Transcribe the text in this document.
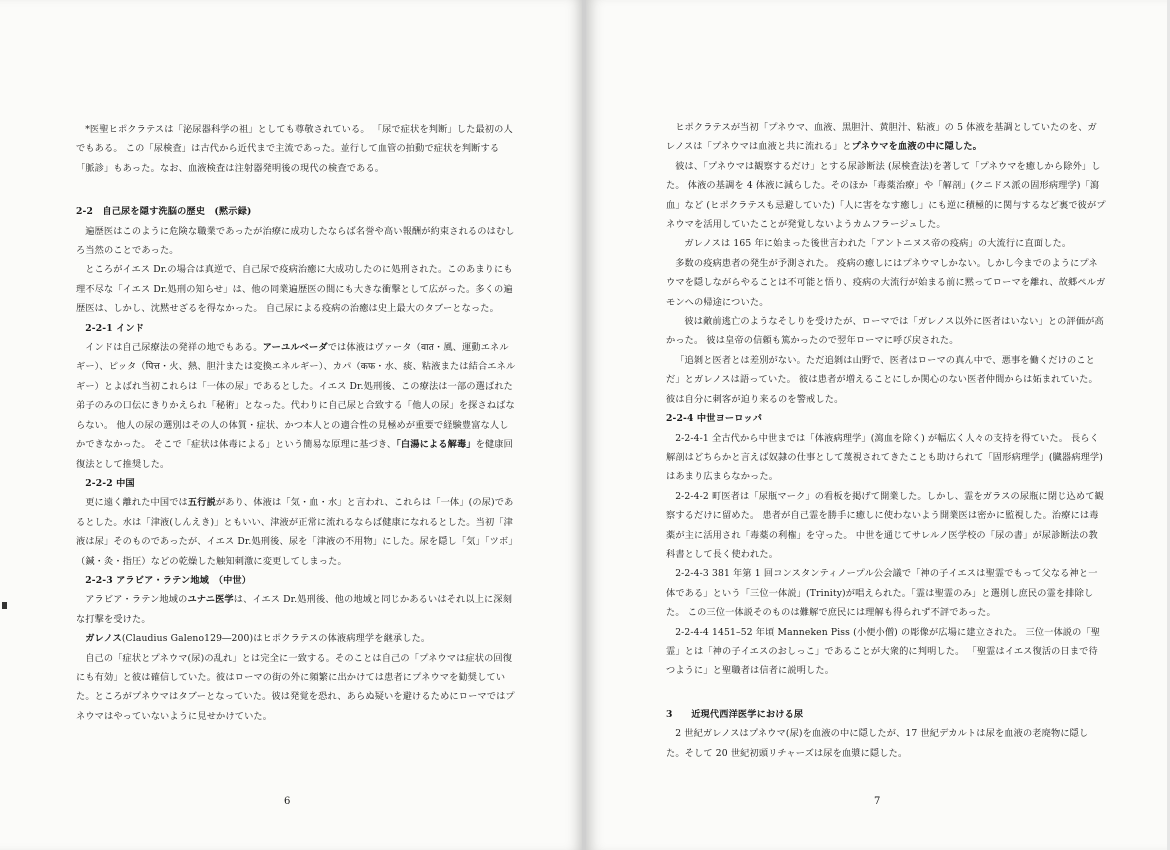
*医聖ヒポクラテスは「泌尿器科学の祖」としても尊敬されている。 「尿で症状を判断」した最初の人でもある。 この「尿検査」は古代から近代まで主流であった。並行して血管の拍動で症状を判断する「脈診」もあった。なお、血液検査は注射器発明後の現代の検査である。

2-2　自己尿を隠す洗脳の歴史　(黙示録)

遍歴医はこのように危険な職業であったが治療に成功したならば名誉や高い報酬が約束されるのはむしろ当然のことであった。

ところがイエス Dr.の場合は真逆で、自己尿で疫病治癒に大成功したのに処刑された。このあまりにも理不尽な「イエス Dr.処刑の知らせ」は、他の同業遍歴医の間にも大きな衝撃として広がった。多くの遍歴医は、しかし、沈黙せざるを得なかった。 自己尿による疫病の治癒は史上最大のタブーとなった。

2-2-1 インド

インドは自己尿療法の発祥の地でもある。アーユルベーダでは体液はヴァータ（वात・風、運動エネルギー）、ピッタ（पित्त・火、熱、胆汁または変換エネルギー）、カパ（कफ・水、痰、粘液または結合エネルギー）とよばれ当初これらは「一体の尿」であるとした。イエス Dr.処刑後、この療法は一部の選ばれた弟子のみの口伝にきりかえられ「秘術」となった。代わりに自己尿と合致する「他人の尿」を探さねばならない。 他人の尿の選別はその人の体質・症状、かつ本人との適合性の見極めが重要で経験豊富な人しかできなかった。 そこで「症状は体毒による」という簡易な原理に基づき、「白湯による解毒」を健康回復法として推奨した。

2-2-2 中国

更に遠く離れた中国では五行説があり、体液は「気・血・水」と言われ、これらは「一体」(の尿)であるとした。水は「津液(しんえき)」ともいい、津液が正常に流れるならば健康になれるとした。当初「津液は尿」そのものであったが、イエス Dr.処刑後、尿を「津液の不用物」にした。尿を隠し「気」「ツボ」（鍼・灸・指圧）などの乾燥した触知刺激に変更してしまった。

2-2-3 アラビア・ラテン地域　（中世）

アラビア・ラテン地域のユナニ医学は、イエス Dr.処刑後、他の地域と同じかあるいはそれ以上に深刻な打撃を受けた。

ガレノス(Claudius Galeno129―200)はヒポクラテスの体液病理学を継承した。

自己の「症状とプネウマ(尿)の乱れ」とは完全に一致する。そのことは自己の「プネウマは症状の回復にも有効」と彼は確信していた。彼はローマの街の外に頻繁に出かけては患者にプネウマを勧奨していた。ところがプネウマはタブーとなっていた。彼は発覚を恐れ、あらぬ疑いを避けるためにローマではプネウマはやっていないように見せかけていた。

6

ヒポクラテスが当初「プネウマ、血液、黒胆汁、黄胆汁、粘液」の 5 体液を基調としていたのを、ガレノスは「プネウマは血液と共に流れる」とプネウマを血液の中に隠した。

彼は、「プネウマは観察するだけ」とする尿診断法 (尿検査法)を著して「プネウマを癒しから除外」した。 体液の基調を 4 体液に減らした。そのほか「毒薬治療」や「解剖」(クニドス派の固形病理学)「瀉血」など (ヒポクラテスも忌避していた)「人に害をなす癒し」にも逆に積極的に関与するなど裏で彼がプネウマを活用していたことが発覚しないようカムフラージュした。

ガレノスは 165 年に始まった後世言われた「アントニヌス帝の疫病」の大流行に直面した。

多数の疫病患者の発生が予測された。 疫病の癒しにはプネウマしかない。しかし今までのようにプネウマを隠しながらやることは不可能と悟り、疫病の大流行が始まる前に黙ってローマを離れ、故郷ペルガモンへの帰途についた。

彼は敵前逃亡のようなそしりを受けたが、ローマでは「ガレノス以外に医者はいない」との評価が高かった。 彼は皇帝の信頼も篤かったので翌年ローマに呼び戻された。

「追剝と医者とは差別がない。ただ追剝は山野で、医者はローマの真ん中で、悪事を働くだけのことだ」とガレノスは語っていた。 彼は患者が増えることにしか関心のない医者仲間からは妬まれていた。彼は自分に刺客が迫り来るのを警戒した。

2-2-4 中世ヨーロッパ

2-2-4-1 全古代から中世までは「体液病理学」(瀉血を除く) が幅広く人々の支持を得ていた。 長らく解剖はどちらかと言えば奴隷の仕事として蔑視されてきたことも助けられて「固形病理学」(臓器病理学) はあまり広まらなかった。

2-2-4-2 町医者は「尿瓶マーク」の看板を掲げて開業した。しかし、霊をガラスの尿瓶に閉じ込めて観察するだけに留めた。 患者が自己霊を勝手に癒しに使わないよう開業医は密かに監視した。治療には毒薬が主に活用され「毒薬の利権」を守った。 中世を通じてサレルノ医学校の「尿の書」が尿診断法の教科書として長く使われた。

2-2-4-3 381 年第 1 回コンスタンティノープル公会議で「神の子イエスは聖霊でもって父なる神と一体である」という「三位一体説」(Trinity)が唱えられた。「霊は聖霊のみ」と選別し庶民の霊を排除した。 この三位一体説そのものは難解で庶民には理解も得られず不評であった。

2-2-4-4 1451–52 年頃 Manneken Piss (小便小僧) の彫像が広場に建立された。 三位一体説の「聖霊」とは「神の子イエスのおしっこ」であることが大衆的に判明した。 「聖霊はイエス復活の日まで待つように」と聖職者は信者に説明した。

3　　近現代西洋医学における尿

2 世紀ガレノスはプネウマ(尿)を血液の中に隠したが、17 世紀デカルトは尿を血液の老廃物に隠した。そして 20 世紀初頭リチャーズは尿を血漿に隠した。

7
